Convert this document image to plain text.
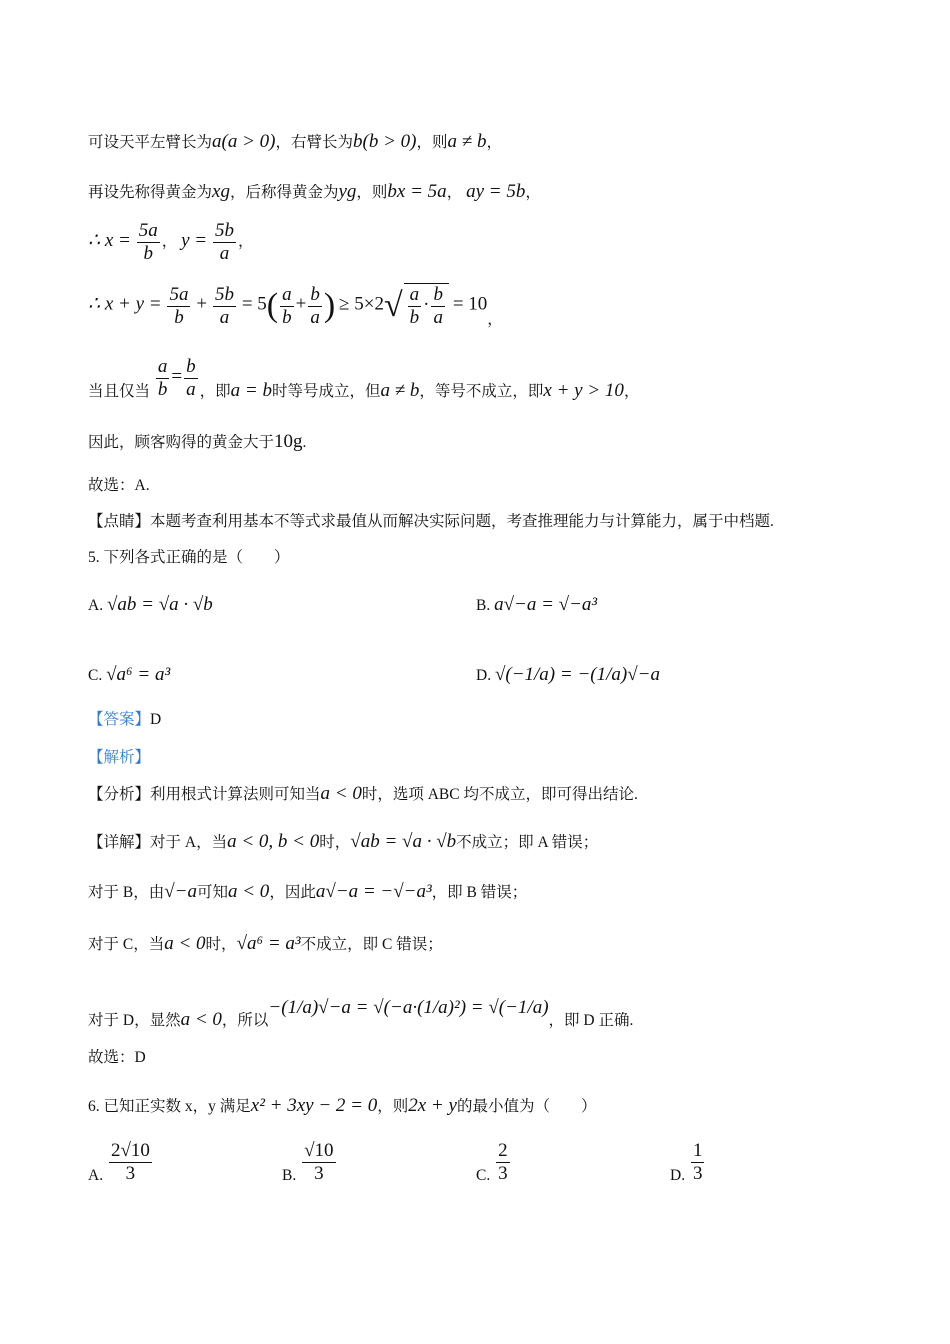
可设天平左臂长为a(a > 0)，右臂长为b(b > 0)，则a ≠ b，
再设先称得黄金为xg，后称得黄金为yg，则bx = 5a， ay = 5b，
∴ $x = \frac{5a}{b}$ ， $y = \frac{5b}{a}$ ，
∴ $x + y = \frac{5a}{b} + \frac{5b}{a} = 5( \frac{a}{b} + \frac{b}{a}$ ) ≥ $5\times 2√ \frac{a}{b} \cdot \frac{b}{a} = 10$，
当且仅当 $\frac{a}{b} = \frac{b}{a}$ ，即a = b时等号成立，但a ≠ b，等号不成立，即x + y > 10，
因此，顾客购得的黄金大于10g.
故选：A.
【点睛】本题考查利用基本不等式求最值从而解决实际问题，考查推理能力与计算能力，属于中档题.
5. 下列各式正确的是（　　）
A. √ab = √a · √b	B. a√−a = √−a³
C. √a⁶ = a³	D. √(−1/a) = −(1/a)√−a
【答案】D
【解析】
【分析】利用根式计算法则可知当a < 0时，选项 ABC 均不成立，即可得出结论.
【详解】对于 A，当a < 0, b < 0时，√ab = √a · √b不成立；即 A 错误；
对于 B，由√−a可知a < 0，因此a√−a = −√−a³，即 B 错误；
对于 C，当a < 0时，√a⁶ = a³不成立，即 C 错误；
对于 D，显然a < 0，所以−(1/a)√−a = √(−a·(1/a)²) = √(−1/a)，即 D 正确.
故选：D
6. 已知正实数 x，y 满足x² + 3xy − 2 = 0，则2x + y的最小值为（　　）
A. $\frac{2√10}{3}$	B. $\frac{√10}{3}$	C. $\frac{2}{3}$	D. $\frac{1}{3}$
